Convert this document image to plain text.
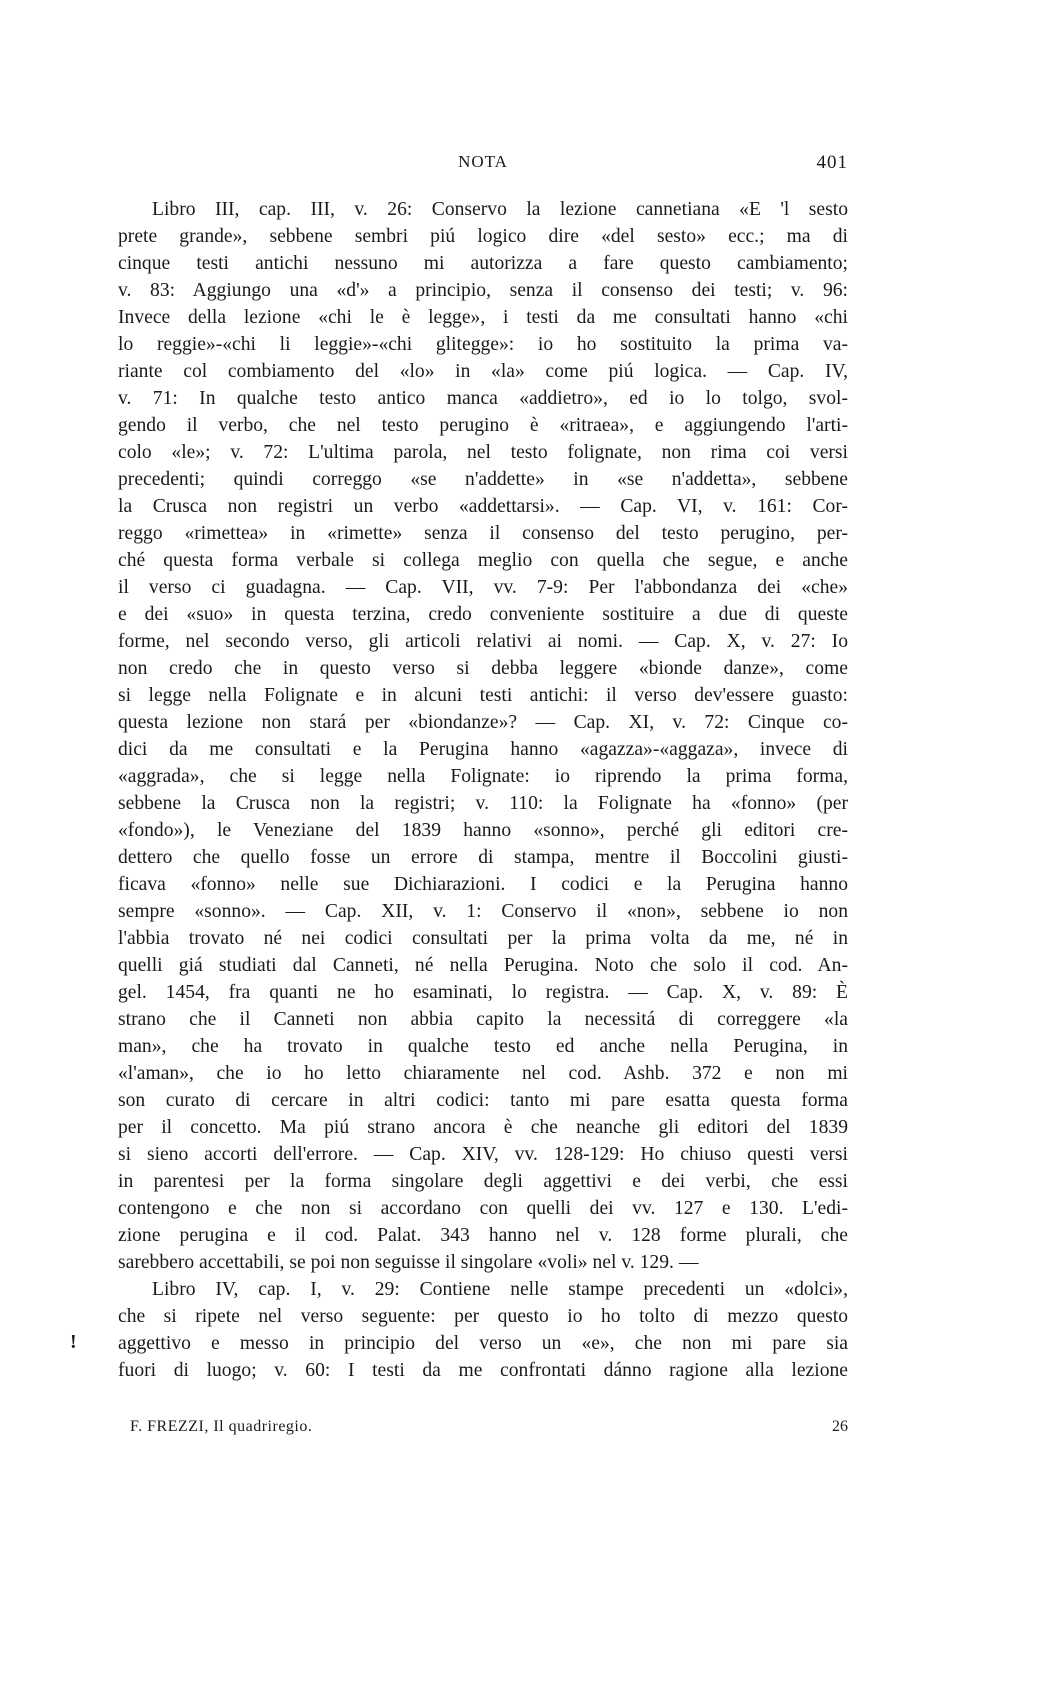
NOTA	401
Libro III, cap. III, v. 26: Conservo la lezione cannetiana «E 'l sesto
prete grande», sebbene sembri piú logico dire «del sesto» ecc.; ma di
cinque testi antichi nessuno mi autorizza a fare questo cambiamento;
v. 83: Aggiungo una «d'» a principio, senza il consenso dei testi; v. 96:
Invece della lezione «chi le è legge», i testi da me consultati hanno «chi
lo reggie»-«chi li leggie»-«chi glitegge»: io ho sostituito la prima va-
riante col combiamento del «lo» in «la» come piú logica. — Cap. IV,
v. 71: In qualche testo antico manca «addietro», ed io lo tolgo, svol-
gendo il verbo, che nel testo perugino è «ritraea», e aggiungendo l'arti-
colo «le»; v. 72: L'ultima parola, nel testo folignate, non rima coi versi
precedenti; quindi correggo «se n'addette» in «se n'addetta», sebbene
la Crusca non registri un verbo «addettarsi». — Cap. VI, v. 161: Cor-
reggo «rimettea» in «rimette» senza il consenso del testo perugino, per-
ché questa forma verbale si collega meglio con quella che segue, e anche
il verso ci guadagna. — Cap. VII, vv. 7-9: Per l'abbondanza dei «che»
e dei «suo» in questa terzina, credo conveniente sostituire a due di queste
forme, nel secondo verso, gli articoli relativi ai nomi. — Cap. X, v. 27: Io
non credo che in questo verso si debba leggere «bionde danze», come
si legge nella Folignate e in alcuni testi antichi: il verso dev'essere guasto:
questa lezione non stará per «biondanze»? — Cap. XI, v. 72: Cinque co-
dici da me consultati e la Perugina hanno «agazza»-«aggaza», invece di
«aggrada», che si legge nella Folignate: io riprendo la prima forma,
sebbene la Crusca non la registri; v. 110: la Folignate ha «fonno» (per
«fondo»), le Veneziane del 1839 hanno «sonno», perché gli editori cre-
dettero che quello fosse un errore di stampa, mentre il Boccolini giusti-
ficava «fonno» nelle sue Dichiarazioni. I codici e la Perugina hanno
sempre «sonno». — Cap. XII, v. 1: Conservo il «non», sebbene io non
l'abbia trovato né nei codici consultati per la prima volta da me, né in
quelli giá studiati dal Canneti, né nella Perugina. Noto che solo il cod. An-
gel. 1454, fra quanti ne ho esaminati, lo registra. — Cap. X, v. 89: È
strano che il Canneti non abbia capito la necessitá di correggere «la
man», che ha trovato in qualche testo ed anche nella Perugina, in
«l'aman», che io ho letto chiaramente nel cod. Ashb. 372 e non mi
son curato di cercare in altri codici: tanto mi pare esatta questa forma
per il concetto. Ma piú strano ancora è che neanche gli editori del 1839
si sieno accorti dell'errore. — Cap. XIV, vv. 128-129: Ho chiuso questi versi
in parentesi per la forma singolare degli aggettivi e dei verbi, che essi
contengono e che non si accordano con quelli dei vv. 127 e 130. L'edi-
zione perugina e il cod. Palat. 343 hanno nel v. 128 forme plurali, che
sarebbero accettabili, se poi non seguisse il singolare «voli» nel v. 129. —
Libro IV, cap. I, v. 29: Contiene nelle stampe precedenti un «dolci»,
che si ripete nel verso seguente: per questo io ho tolto di mezzo questo
aggettivo e messo in principio del verso un «e», che non mi pare sia
fuori di luogo; v. 60: I testi da me confrontati dánno ragione alla lezione
!
F. FREZZI, Il quadriregio.	26
